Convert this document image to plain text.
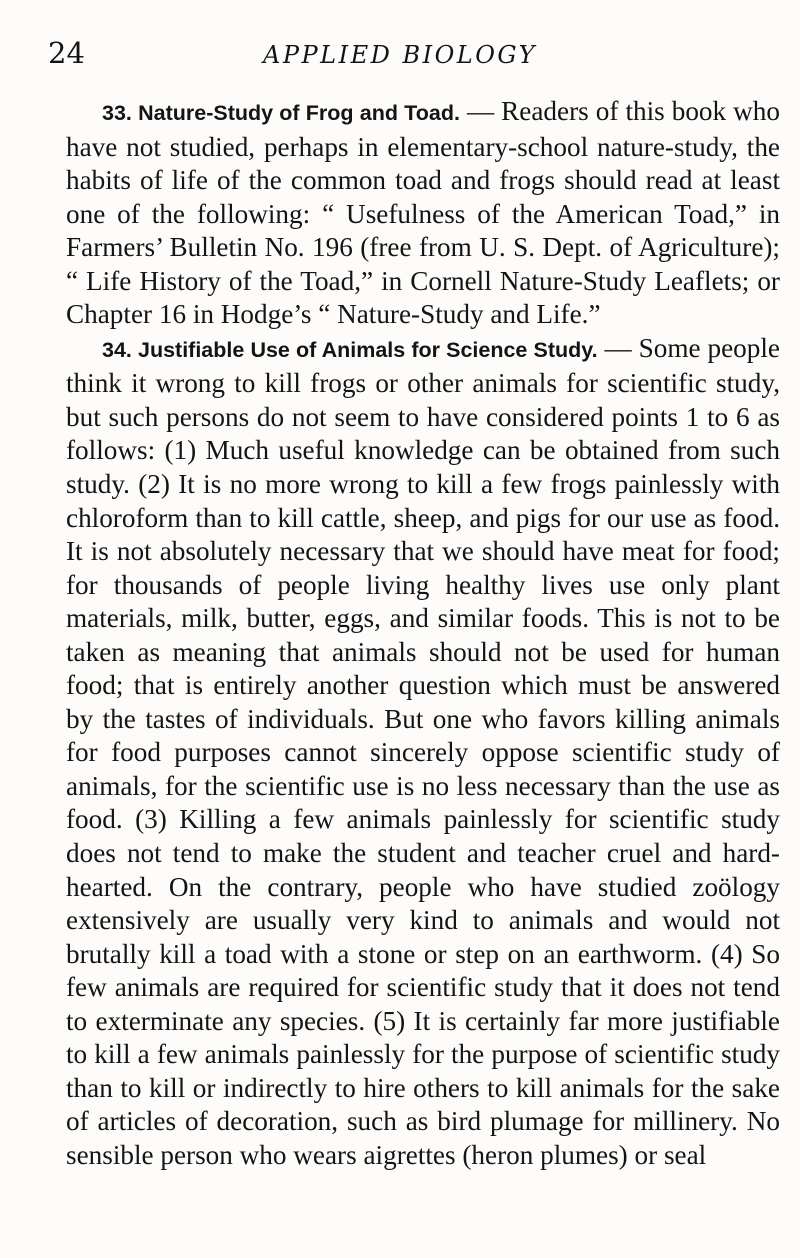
24	APPLIED BIOLOGY

33. Nature-Study of Frog and Toad. — Readers of this book who have not studied, perhaps in elementary-school nature-study, the habits of life of the common toad and frogs should read at least one of the following: “ Usefulness of the American Toad,” in Farmers’ Bulletin No. 196 (free from U. S. Dept. of Agriculture); “ Life History of the Toad,” in Cornell Nature-Study Leaflets; or Chapter 16 in Hodge’s “ Nature-Study and Life.”

34. Justifiable Use of Animals for Science Study. — Some people think it wrong to kill frogs or other animals for scientific study, but such persons do not seem to have considered points 1 to 6 as follows: (1) Much useful knowledge can be obtained from such study. (2) It is no more wrong to kill a few frogs painlessly with chloroform than to kill cattle, sheep, and pigs for our use as food. It is not absolutely necessary that we should have meat for food; for thousands of people living healthy lives use only plant materials, milk, butter, eggs, and similar foods. This is not to be taken as meaning that animals should not be used for human food; that is entirely another question which must be answered by the tastes of individuals. But one who favors killing animals for food purposes cannot sincerely oppose scientific study of animals, for the scientific use is no less necessary than the use as food. (3) Killing a few animals painlessly for scientific study does not tend to make the student and teacher cruel and hard-hearted. On the contrary, people who have studied zoölogy extensively are usually very kind to animals and would not brutally kill a toad with a stone or step on an earthworm. (4) So few animals are required for scientific study that it does not tend to exterminate any species. (5) It is certainly far more justifiable to kill a few animals painlessly for the purpose of scientific study than to kill or indirectly to hire others to kill animals for the sake of articles of decoration, such as bird plumage for millinery. No sensible person who wears aigrettes (heron plumes) or seal
